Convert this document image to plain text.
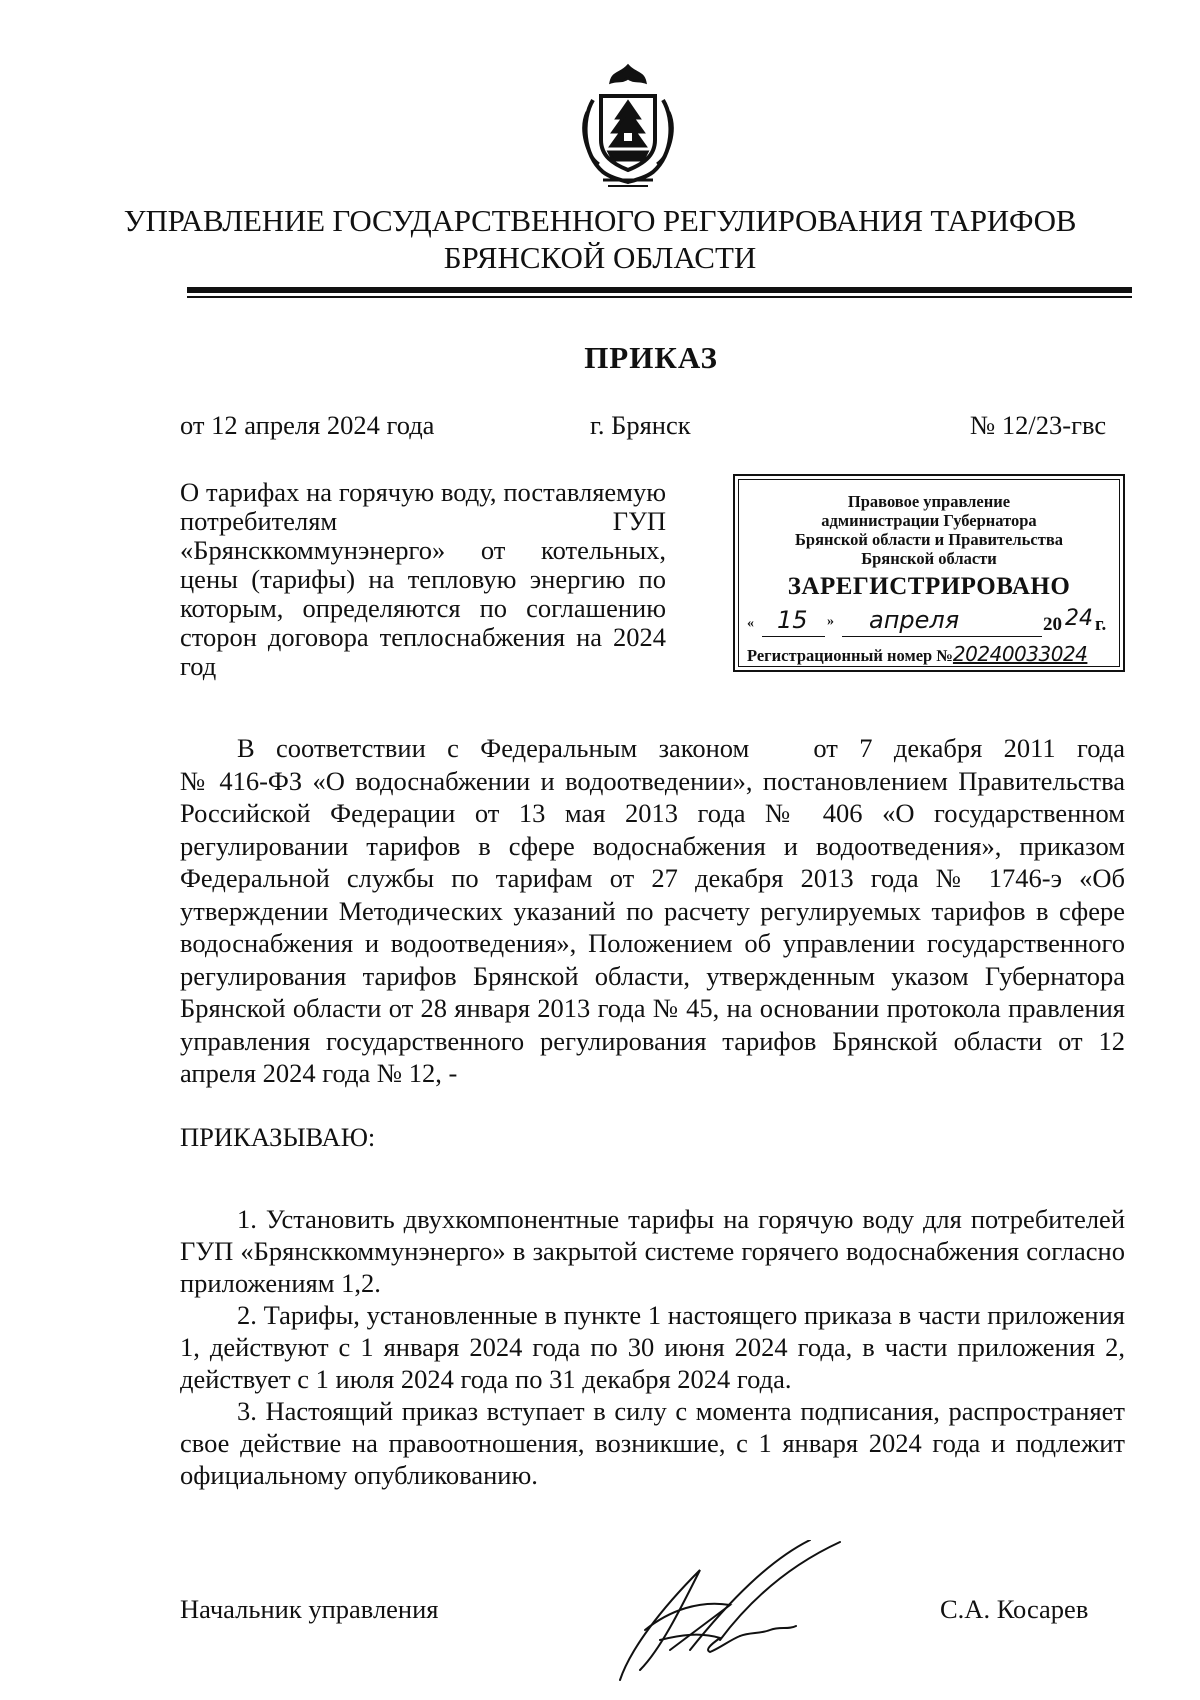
УПРАВЛЕНИЕ ГОСУДАРСТВЕННОГО РЕГУЛИРОВАНИЯ ТАРИФОВ
БРЯНСКОЙ ОБЛАСТИ
ПРИКАЗ
от 12 апреля 2024 года	г. Брянск	№ 12/23-гвс
О тарифах на горячую воду, поставляемую потребителям ГУП «Брянсккоммунэнерго» от котельных, цены (тарифы) на тепловую энергию по которым, определяются по соглашению сторон договора теплоснабжения на 2024 год
Правовое управление
администрации Губернатора
Брянской области и Правительства
Брянской области
ЗАРЕГИСТРИРОВАНО
« 15 » апреля	20 24 г.
Регистрационный номер №20240033024

В соответствии с Федеральным законом от 7 декабря 2011 года

№ 416-ФЗ «О водоснабжении и водоотведении», постановлением Правительства Российской Федерации от 13 мая 2013 года № 406 «О государственном регулировании тарифов в сфере водоснабжения и водоотведения», приказом Федеральной службы по тарифам от 27 декабря 2013 года № 1746-э «Об утверждении Методических указаний по расчету регулируемых тарифов в сфере водоснабжения и водоотведения», Положением об управлении государственного регулирования тарифов Брянской области, утвержденным указом Губернатора Брянской области от 28 января 2013 года № 45, на основании протокола правления управления государственного регулирования тарифов Брянской области от 12 апреля 2024 года № 12, -

ПРИКАЗЫВАЮ:

1. Установить двухкомпонентные тарифы на горячую воду для потребителей ГУП «Брянсккоммунэнерго» в закрытой системе горячего водоснабжения согласно приложениям 1,2.

2. Тарифы, установленные в пункте 1 настоящего приказа в части приложения 1, действуют с 1 января 2024 года по 30 июня 2024 года, в части приложения 2, действует с 1 июля 2024 года по 31 декабря 2024 года.

3. Настоящий приказ вступает в силу с момента подписания, распространяет свое действие на правоотношения, возникшие, с 1 января 2024 года и подлежит официальному опубликованию.

Начальник управления	С.А. Косарев
